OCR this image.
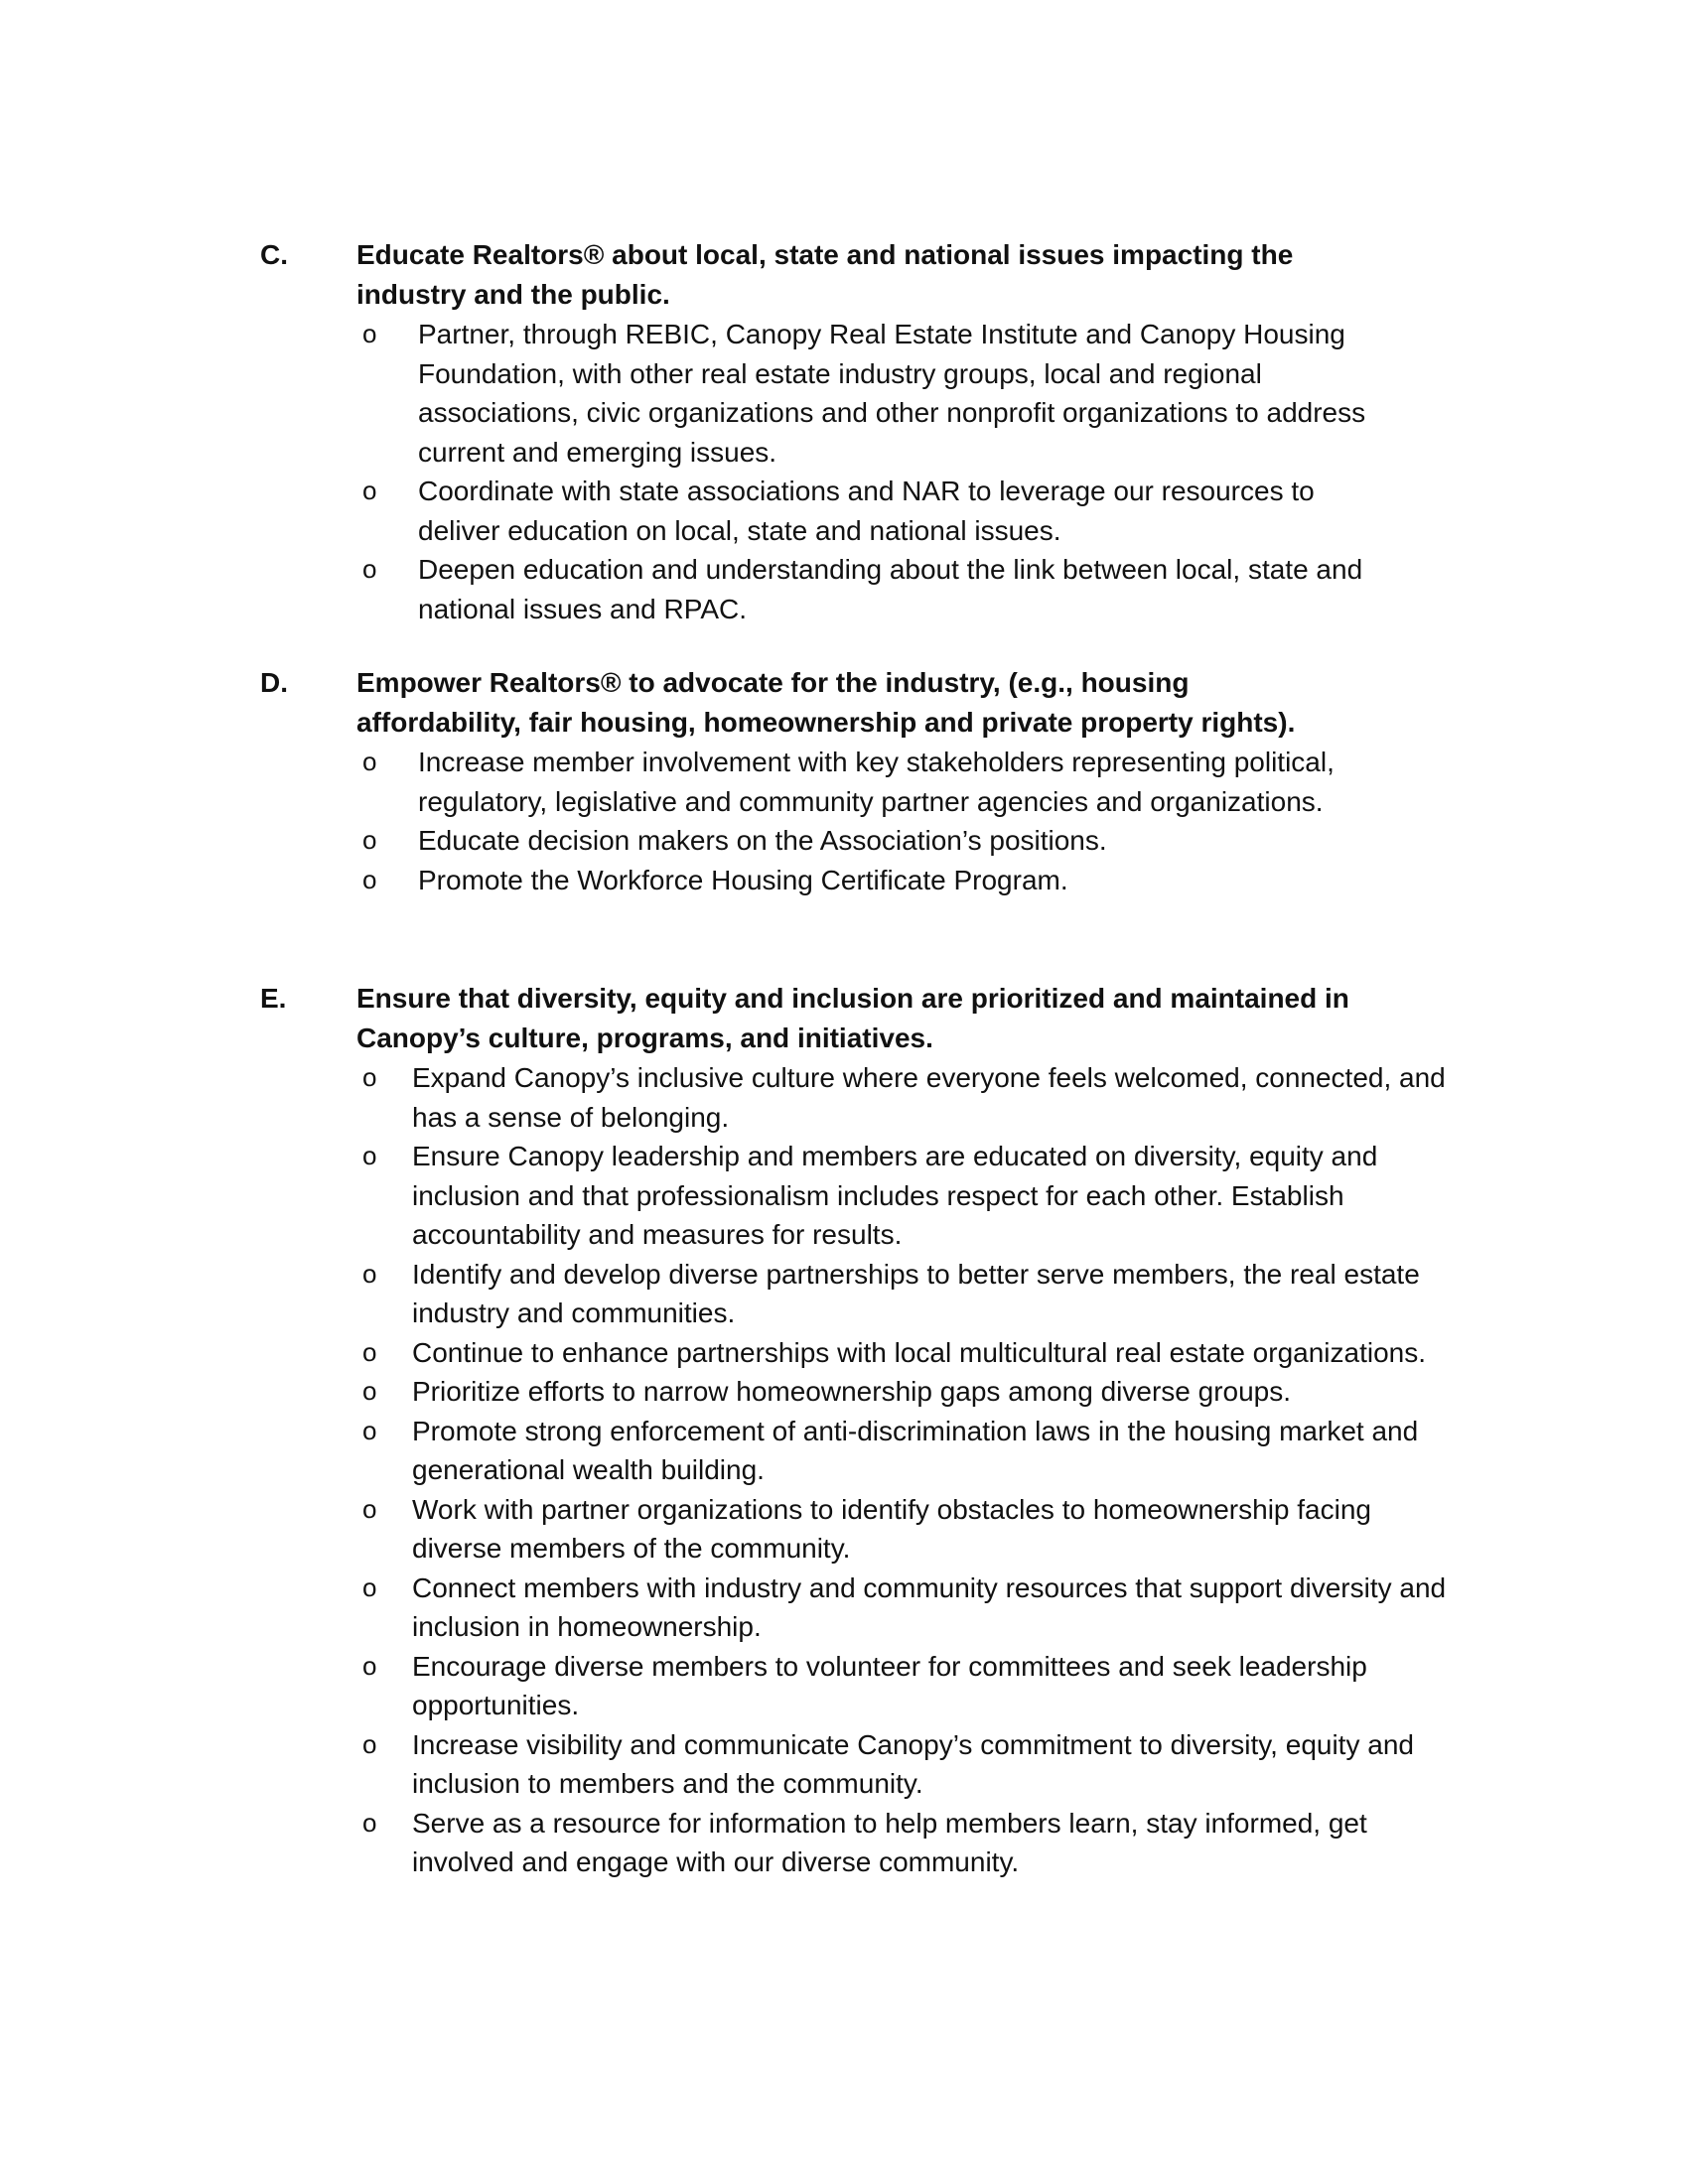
C. Educate Realtors® about local, state and national issues impacting the industry and the public.
o Partner, through REBIC, Canopy Real Estate Institute and Canopy Housing Foundation, with other real estate industry groups, local and regional associations, civic organizations and other nonprofit organizations to address current and emerging issues.
o Coordinate with state associations and NAR to leverage our resources to deliver education on local, state and national issues.
o Deepen education and understanding about the link between local, state and national issues and RPAC.
D. Empower Realtors® to advocate for the industry, (e.g., housing affordability, fair housing, homeownership and private property rights).
o Increase member involvement with key stakeholders representing political, regulatory, legislative and community partner agencies and organizations.
o Educate decision makers on the Association’s positions.
o Promote the Workforce Housing Certificate Program.
E.	Ensure that diversity, equity and inclusion are prioritized and maintained in Canopy’s culture, programs, and initiatives.
o Expand Canopy’s inclusive culture where everyone feels welcomed, connected, and has a sense of belonging.
o Ensure Canopy leadership and members are educated on diversity, equity and inclusion and that professionalism includes respect for each other. Establish accountability and measures for results.
o Identify and develop diverse partnerships to better serve members, the real estate industry and communities.
o Continue to enhance partnerships with local multicultural real estate organizations.
o Prioritize efforts to narrow homeownership gaps among diverse groups.
o Promote strong enforcement of anti-discrimination laws in the housing market and generational wealth building.
o Work with partner organizations to identify obstacles to homeownership facing diverse members of the community.
o Connect members with industry and community resources that support diversity and inclusion in homeownership.
o Encourage diverse members to volunteer for committees and seek leadership opportunities.
o Increase visibility and communicate Canopy’s commitment to diversity, equity and inclusion to members and the community.
o Serve as a resource for information to help members learn, stay informed, get involved and engage with our diverse community.
